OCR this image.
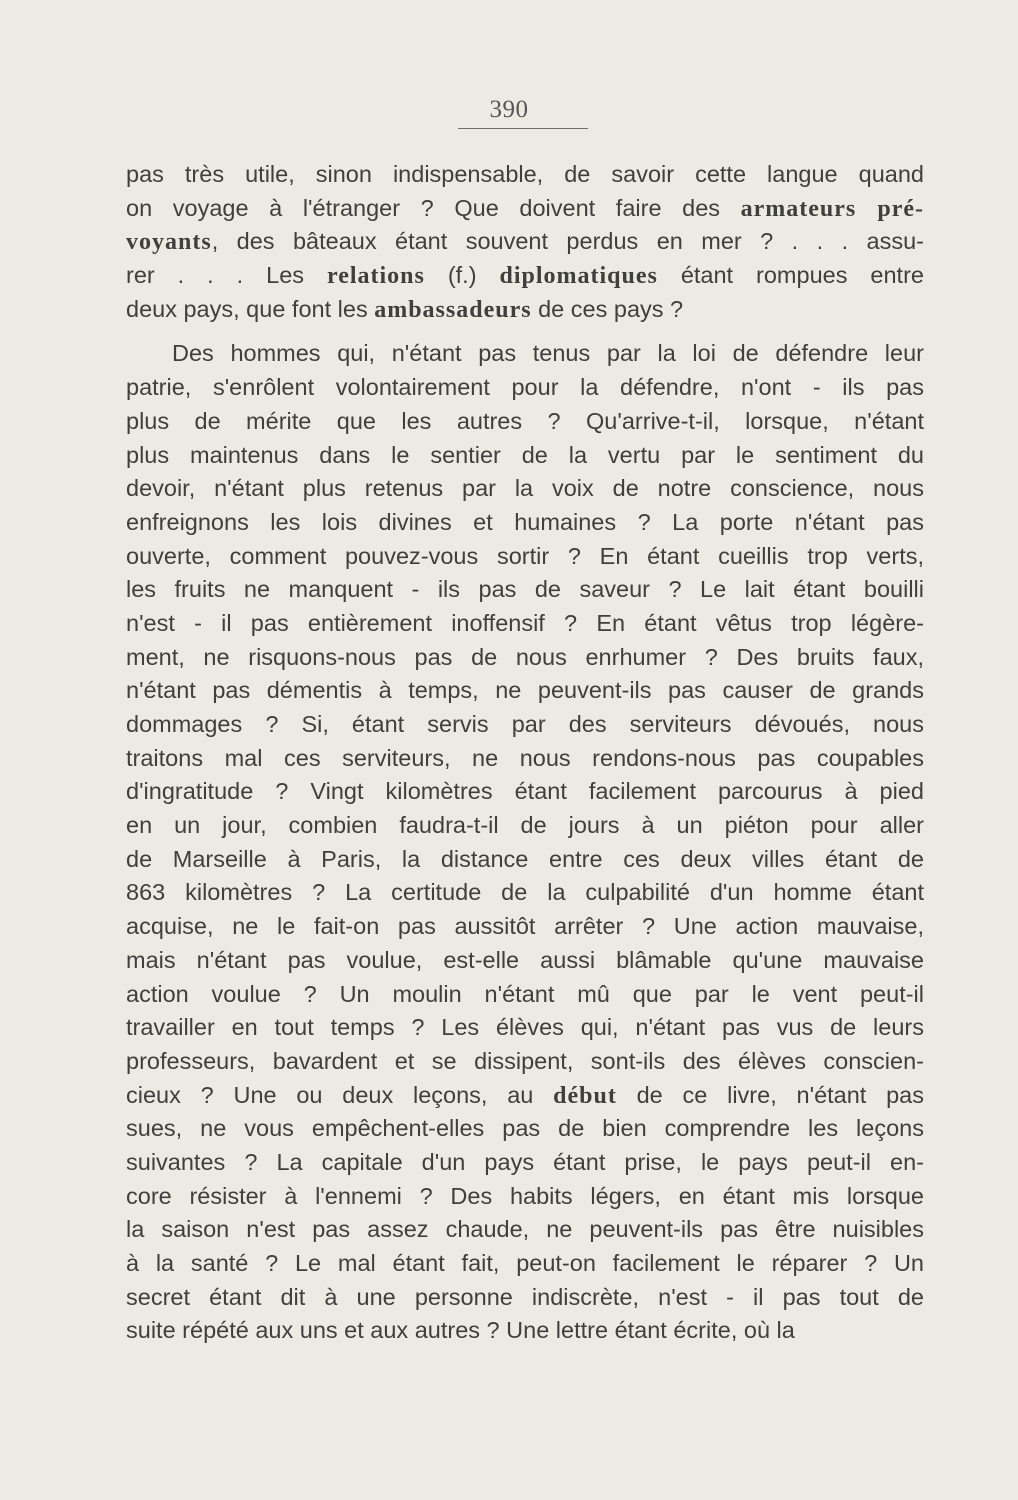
390

pas très utile, sinon indispensable, de savoir cette langue quand
on voyage à l'étranger ? Que doivent faire des armateurs pré-
voyants, des bâteaux étant souvent perdus en mer ? . . . assu-
rer . . . Les relations (f.) diplomatiques étant rompues entre
deux pays, que font les ambassadeurs de ces pays ?

Des hommes qui, n'étant pas tenus par la loi de défendre leur
patrie, s'enrôlent volontairement pour la défendre, n'ont - ils pas
plus de mérite que les autres ? Qu'arrive-t-il, lorsque, n'étant
plus maintenus dans le sentier de la vertu par le sentiment du
devoir, n'étant plus retenus par la voix de notre conscience, nous
enfreignons les lois divines et humaines ? La porte n'étant pas
ouverte, comment pouvez-vous sortir ? En étant cueillis trop verts,
les fruits ne manquent - ils pas de saveur ? Le lait étant bouilli
n'est - il pas entièrement inoffensif ? En étant vêtus trop légère-
ment, ne risquons-nous pas de nous enrhumer ? Des bruits faux,
n'étant pas démentis à temps, ne peuvent-ils pas causer de grands
dommages ? Si, étant servis par des serviteurs dévoués, nous
traitons mal ces serviteurs, ne nous rendons-nous pas coupables
d'ingratitude ? Vingt kilomètres étant facilement parcourus à pied
en un jour, combien faudra-t-il de jours à un piéton pour aller
de Marseille à Paris, la distance entre ces deux villes étant de
863 kilomètres ? La certitude de la culpabilité d'un homme étant
acquise, ne le fait-on pas aussitôt arrêter ? Une action mauvaise,
mais n'étant pas voulue, est-elle aussi blâmable qu'une mauvaise
action voulue ? Un moulin n'étant mû que par le vent peut-il
travailler en tout temps ? Les élèves qui, n'étant pas vus de leurs
professeurs, bavardent et se dissipent, sont-ils des élèves conscien-
cieux ? Une ou deux leçons, au début de ce livre, n'étant pas
sues, ne vous empêchent-elles pas de bien comprendre les leçons
suivantes ? La capitale d'un pays étant prise, le pays peut-il en-
core résister à l'ennemi ? Des habits légers, en étant mis lorsque
la saison n'est pas assez chaude, ne peuvent-ils pas être nuisibles
à la santé ? Le mal étant fait, peut-on facilement le réparer ? Un
secret étant dit à une personne indiscrète, n'est - il pas tout de
suite répété aux uns et aux autres ? Une lettre étant écrite, où la
